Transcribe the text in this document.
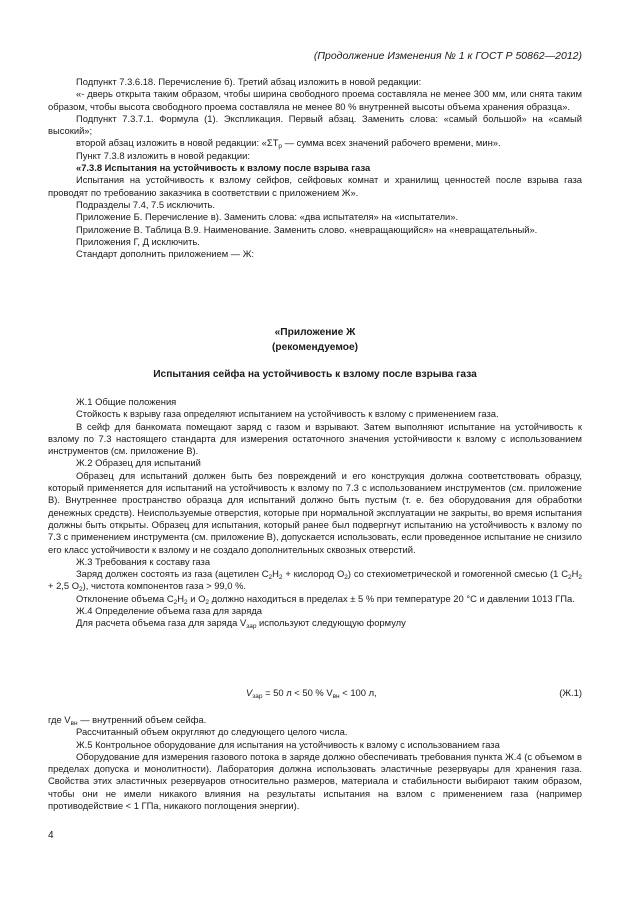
(Продолжение Изменения № 1 к ГОСТ Р 50862—2012)

Подпункт 7.3.6.18. Перечисление б). Третий абзац изложить в новой редакции:

«- дверь открыта таким образом, чтобы ширина свободного проема составляла не менее 300 мм, или снята таким образом, чтобы высота свободного проема составляла не менее 80 % внутренней высоты объема хранения образца».

Подпункт 7.3.7.1. Формула (1). Экспликация. Первый абзац. Заменить слова: «самый большой» на «самый высокий»;

второй абзац изложить в новой редакции: «$\Sigma T_р$ — сумма всех значений рабочего времени, мин».

Пункт 7.3.8 изложить в новой редакции:

«7.3.8 Испытания на устойчивость к взлому после взрыва газа

Испытания на устойчивость к взлому сейфов, сейфовых комнат и хранилищ ценностей после взрыва газа проводят по требованию заказчика в соответствии с приложением Ж».

Подразделы 7.4, 7.5 исключить.

Приложение Б. Перечисление в). Заменить слова: «два испытателя» на «испытатели».

Приложение В. Таблица В.9. Наименование. Заменить слово. «невращающийся» на «невращательный».

Приложения Г, Д исключить.

Стандарт дополнить приложением — Ж:

«Приложение Ж
(рекомендуемое)
Испытания сейфа на устойчивость к взлому после взрыва газа

Ж.1 Общие положения

Стойкость к взрыву газа определяют испытанием на устойчивость к взлому с применением газа.

В сейф для банкомата помещают заряд с газом и взрывают. Затем выполняют испытание на устойчивость к взлому по 7.3 настоящего стандарта для измерения остаточного значения устойчивости к взлому с использованием инструментов (см. приложение В).

Ж.2 Образец для испытаний

Образец для испытаний должен быть без повреждений и его конструкция должна соответствовать образцу, который применяется для испытаний на устойчивость к взлому по 7.3 с использованием инструментов (см. приложение В). Внутреннее пространство образца для испытаний должно быть пустым (т. е. без оборудования для обработки денежных средств). Неиспользуемые отверстия, которые при нормальной эксплуатации не закрыты, во время испытания должны быть открыты. Образец для испытания, который ранее был подвергнут испытанию на устойчивость к взлому по 7.3 с применением инструмента (см. приложение В), допускается использовать, если проведенное испытание не снизило его класс устойчивости к взлому и не создало дополнительных сквозных отверстий.

Ж.3 Требования к составу газа

Заряд должен состоять из газа (ацетилен $C_2H_2$ + кислород $O_2$) со стехиометрической и гомогенной смесью (1 $C_2H_2 + 2,5$ $O_2$), чистота компонентов газа > 99,0 %.

Отклонение объема $C_2H_2$ и $O_2$ должно находиться в пределах ± 5 % при температуре 20 °С и давлении 1013 ГПа.

Ж.4 Определение объема газа для заряда

Для расчета объема газа для заряда $V_{зар}$ используют следующую формулу

$V_{зар} = 50$ л < 50 % $V_{вн} < 100$ л,	(Ж.1)

где $V_{вн}$ — внутренний объем сейфа.

Рассчитанный объем округляют до следующего целого числа.

Ж.5 Контрольное оборудование для испытания на устойчивость к взлому с использованием газа

Оборудование для измерения газового потока в заряде должно обеспечивать требования пункта Ж.4 (с объемом в пределах допуска и монолитности). Лаборатория должна использовать эластичные резервуары для хранения газа. Свойства этих эластичных резервуаров относительно размеров, материала и стабильности выбирают таким образом, чтобы они не имели никакого влияния на результаты испытания на взлом с применением газа (например противодействие < 1 ГПа, никакого поглощения энергии).

4
